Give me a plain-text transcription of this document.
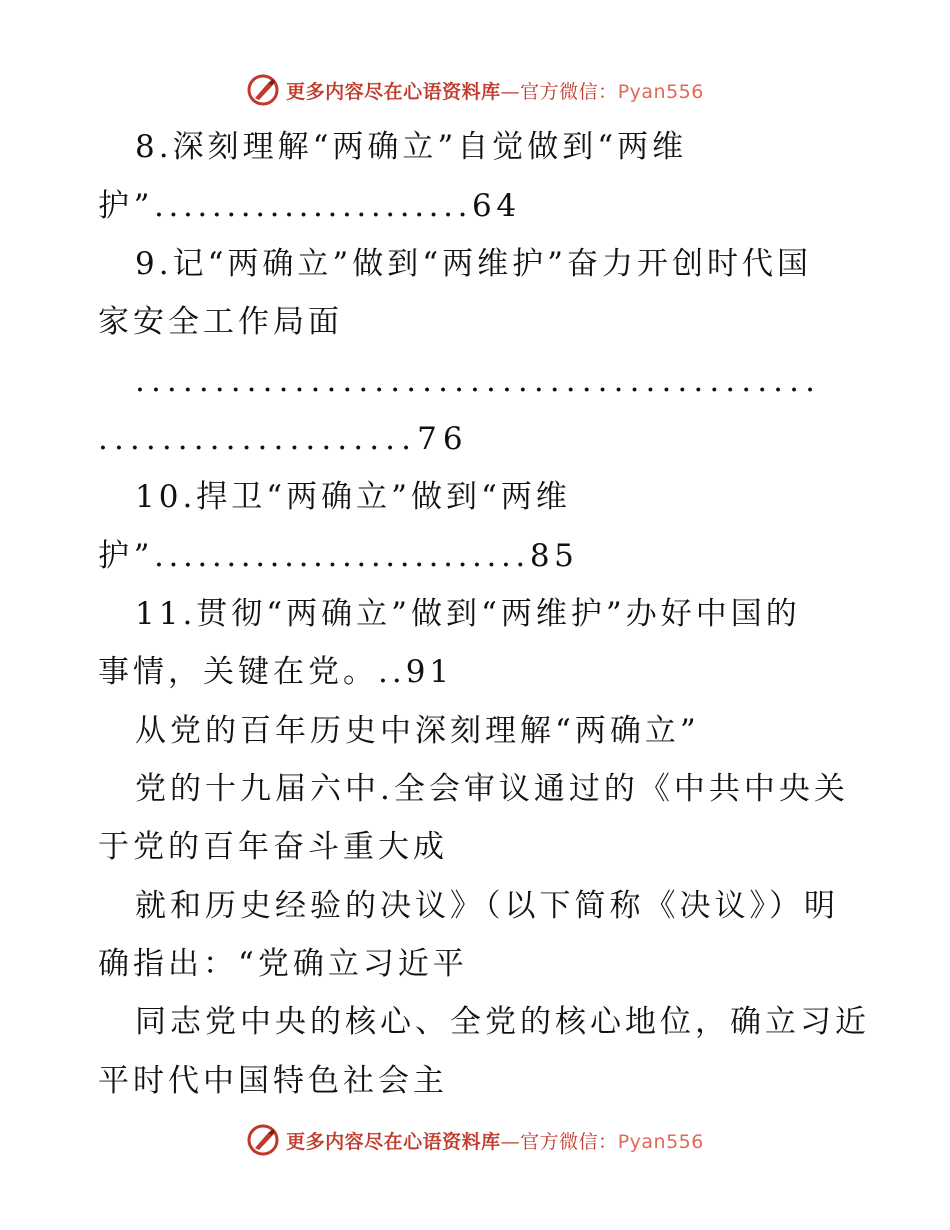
更多内容尽在心语资料库—官方微信：Pyan556
8.深刻理解“两确立”自觉做到“两维
护”......................64
9.记“两确立”做到“两维护”奋力开创时代国
家安全工作局面
...........................................
....................76
10.捍卫“两确立”做到“两维
护”..........................85
11.贯彻“两确立”做到“两维护”办好中国的
事情，关键在党。..91
从党的百年历史中深刻理解“两确立”
党的十九届六中.全会审议通过的《中共中央关
于党的百年奋斗重大成
就和历史经验的决议》（以下简称《决议》）明
确指出：“党确立习近平
同志党中央的核心、全党的核心地位，确立习近
平时代中国特色社会主
更多内容尽在心语资料库—官方微信：Pyan556
